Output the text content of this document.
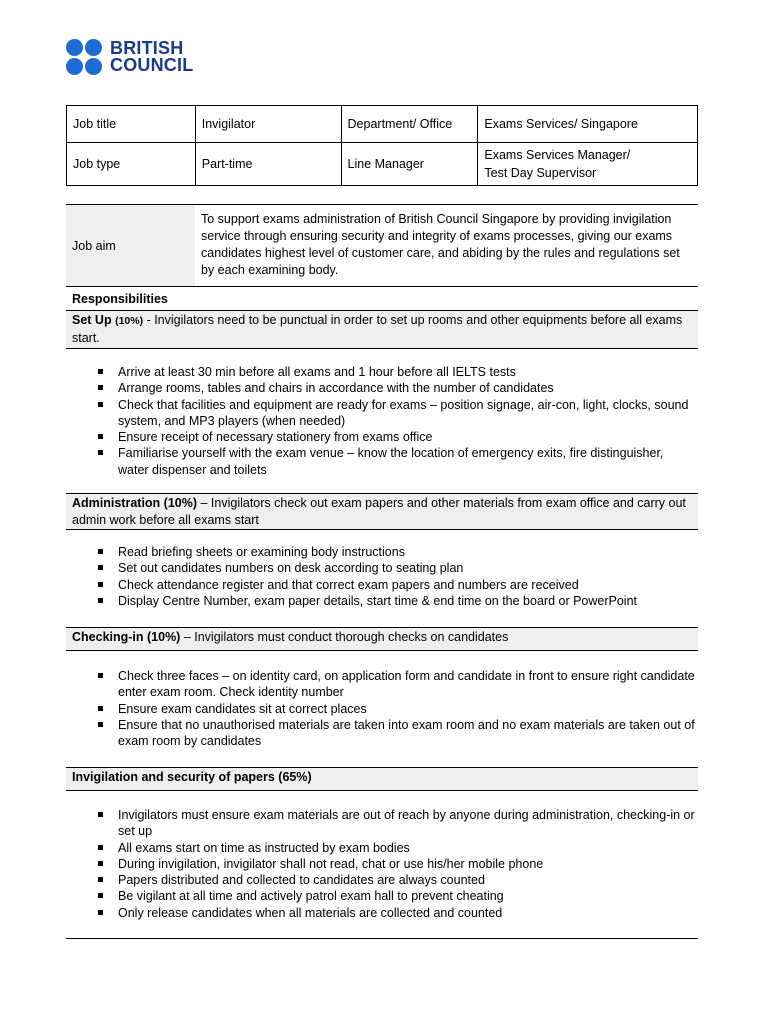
BRITISH
COUNCIL
Job title	Invigilator	Department/ Office	Exams Services/ Singapore
Job type	Part-time	Line Manager	Exams Services Manager/
Test Day Supervisor
Job aim
To support exams administration of British Council Singapore by providing invigilation service through ensuring security and integrity of exams processes, giving our exams candidates highest level of customer care, and abiding by the rules and regulations set by each examining body.
Responsibilities
Set Up (10%) - Invigilators need to be punctual in order to set up rooms and other equipments before all exams start.
Arrive at least 30 min before all exams and 1 hour before all IELTS tests
Arrange rooms, tables and chairs in accordance with the number of candidates
Check that facilities and equipment are ready for exams – position signage, air-con, light, clocks, sound system, and MP3 players (when needed)
Ensure receipt of necessary stationery from exams office
Familiarise yourself with the exam venue – know the location of emergency exits, fire distinguisher, water dispenser and toilets
Administration (10%) – Invigilators check out exam papers and other materials from exam office and carry out admin work before all exams start
Read briefing sheets or examining body instructions
Set out candidates numbers on desk according to seating plan
Check attendance register and that correct exam papers and numbers are received
Display Centre Number, exam paper details, start time & end time on the board or PowerPoint
Checking-in (10%) – Invigilators must conduct thorough checks on candidates
Check three faces – on identity card, on application form and candidate in front to ensure right candidate enter exam room. Check identity number
Ensure exam candidates sit at correct places
Ensure that no unauthorised materials are taken into exam room and no exam materials are taken out of exam room by candidates
Invigilation and security of papers (65%)
Invigilators must ensure exam materials are out of reach by anyone during administration, checking-in or set up
All exams start on time as instructed by exam bodies
During invigilation, invigilator shall not read, chat or use his/her mobile phone
Papers distributed and collected to candidates are always counted
Be vigilant at all time and actively patrol exam hall to prevent cheating
Only release candidates when all materials are collected and counted
